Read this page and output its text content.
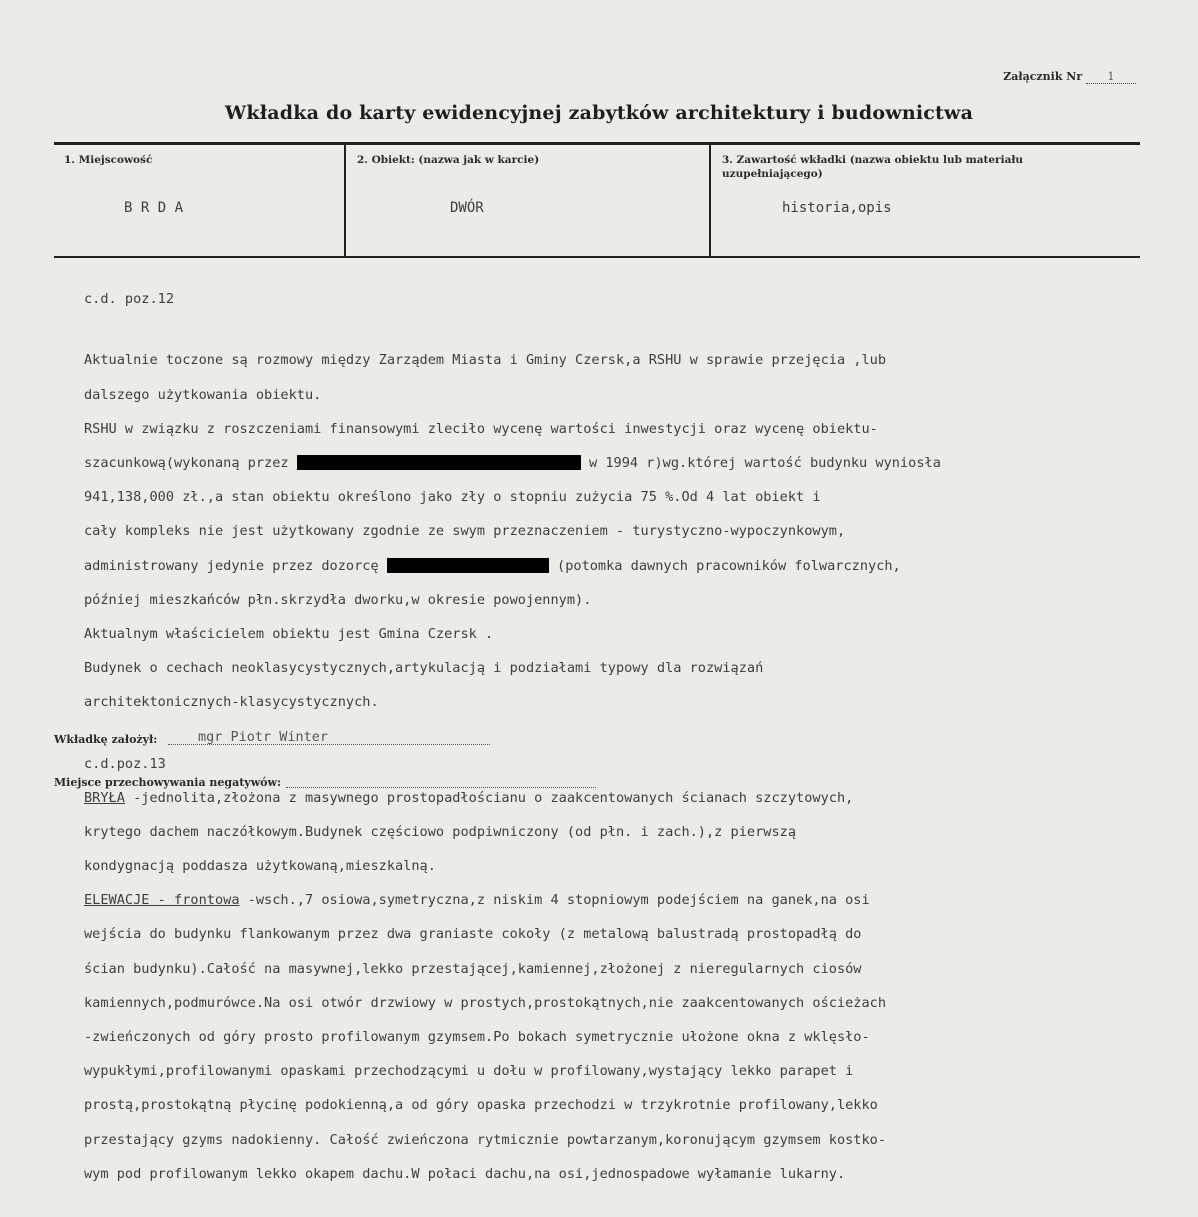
Załącznik Nr 1
Wkładka do karty ewidencyjnej zabytków architektury i budownictwa
1. Miejscowość	2. Obiekt: (nazwa jak w karcie)	3. Zawartość wkładki (nazwa obiektu lub materiału uzupełniającego)
B R D A	DWÓR	historia,opis

c.d. poz.12

Aktualnie toczone są rozmowy między Zarządem Miasta i Gminy Czersk,a RSHU w sprawie przejęcia ,lub

dalszego użytkowania obiektu.

RSHU w związku z roszczeniami finansowymi zleciło wycenę wartości inwestycji oraz wycenę obiektu-

szacunkową(wykonaną przez	w 1994 r)wg.której wartość budynku wyniosła

941,138,000 zł.,a stan obiektu określono jako zły o stopniu zużycia 75 %.Od 4 lat obiekt i

cały kompleks nie jest użytkowany zgodnie ze swym przeznaczeniem - turystyczno-wypoczynkowym,

administrowany jedynie przez dozorcę	(potomka dawnych pracowników folwarcznych,

później mieszkańców płn.skrzydła dworku,w okresie powojennym).

Aktualnym właścicielem obiektu jest Gmina Czersk .

Budynek o cechach neoklasycystycznych,artykulacją i podziałami typowy dla rozwiązań

architektonicznych-klasycystycznych.

c.d.poz.13

BRYŁA -jednolita,złożona z masywnego prostopadłościanu o zaakcentowanych ścianach szczytowych,

krytego dachem naczółkowym.Budynek częściowo podpiwniczony (od płn. i zach.),z pierwszą

kondygnacją poddasza użytkowaną,mieszkalną.

ELEWACJE - frontowa -wsch.,7 osiowa,symetryczna,z niskim 4 stopniowym podejściem na ganek,na osi

wejścia do budynku flankowanym przez dwa graniaste cokoły (z metalową balustradą prostopadłą do

ścian budynku).Całość na masywnej,lekko przestającej,kamiennej,złożonej z nieregularnych ciosów

kamiennych,podmurówce.Na osi otwór drzwiowy w prostych,prostokątnych,nie zaakcentowanych ościeżach

-zwieńczonych od góry prosto profilowanym gzymsem.Po bokach symetrycznie ułożone okna z wklęsło-

wypukłymi,profilowanymi opaskami przechodzącymi u dołu w profilowany,wystający lekko parapet i

prostą,prostokątną płycinę podokienną,a od góry opaska przechodzi w trzykrotnie profilowany,lekko

przestający gzyms nadokienny. Całość zwieńczona rytmicznie powtarzanym,koronującym gzymsem kostko-

wym pod profilowanym lekko okapem dachu.W połaci dachu,na osi,jednospadowe wyłamanie lukarny.

Wkładkę założył:	mgr Piotr Winter
Miejsce przechowywania negatywów:
